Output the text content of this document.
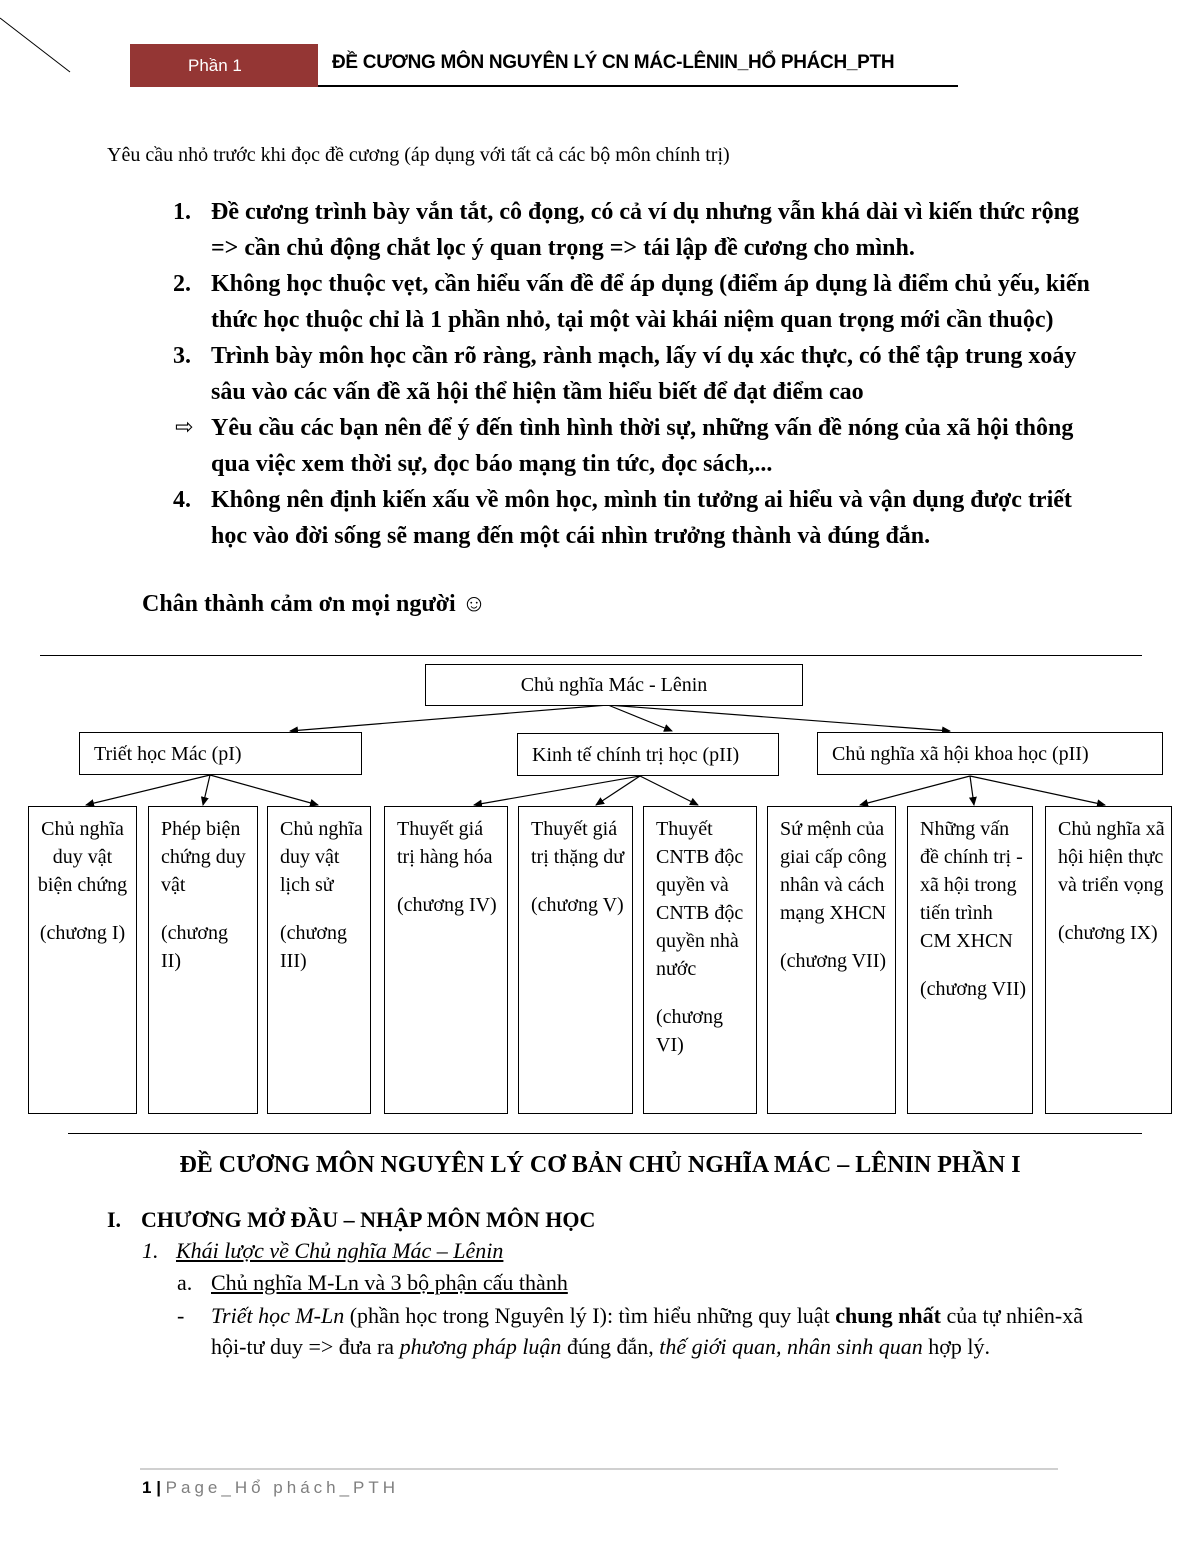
Phần 1	ĐỀ CƯƠNG MÔN NGUYÊN LÝ CN MÁC-LÊNIN_HỔ PHÁCH_PTH
Yêu cầu nhỏ trước khi đọc đề cương (áp dụng với tất cả các bộ môn chính trị)
1. Đề cương trình bày vắn tắt, cô đọng, có cả ví dụ nhưng vẫn khá dài vì kiến thức rộng => cần chủ động chắt lọc ý quan trọng => tái lập đề cương cho mình.
2. Không học thuộc vẹt, cần hiểu vấn đề để áp dụng (điểm áp dụng là điểm chủ yếu, kiến thức học thuộc chỉ là 1 phần nhỏ, tại một vài khái niệm quan trọng mới cần thuộc)
3. Trình bày môn học cần rõ ràng, rành mạch, lấy ví dụ xác thực, có thể tập trung xoáy sâu vào các vấn đề xã hội thể hiện tầm hiểu biết để đạt điểm cao
⇨ Yêu cầu các bạn nên để ý đến tình hình thời sự, những vấn đề nóng của xã hội thông qua việc xem thời sự, đọc báo mạng tin tức, đọc sách,...
4. Không nên định kiến xấu về môn học, mình tin tưởng ai hiểu và vận dụng được triết học vào đời sống sẽ mang đến một cái nhìn trưởng thành và đúng đắn.
Chân thành cảm ơn mọi người ☺
Chủ nghĩa Mác - Lênin
Triết học Mác (pI)	Kinh tế chính trị học (pII)	Chủ nghĩa xã hội khoa học (pII)
Chủ nghĩa duy vật biện chứng
(chương I)
Phép biện chứng duy vật
(chương II)
Chủ nghĩa duy vật lịch sử
(chương III)
Thuyết giá trị hàng hóa
(chương IV)
Thuyết giá trị thặng dư
(chương V)
Thuyết CNTB độc quyền và CNTB độc quyền nhà nước
(chương VI)
Sứ mệnh của giai cấp công nhân và cách mạng XHCN
(chương VII)
Những vấn đề chính trị - xã hội trong tiến trình CM XHCN
(chương VII)
Chủ nghĩa xã hội hiện thực và triển vọng
(chương IX)
ĐỀ CƯƠNG MÔN NGUYÊN LÝ CƠ BẢN CHỦ NGHĨA MÁC – LÊNIN PHẦN I
I. CHƯƠNG MỞ ĐẦU – NHẬP MÔN MÔN HỌC
1. Khái lược về Chủ nghĩa Mác – Lênin
a. Chủ nghĩa M-Ln và 3 bộ phận cấu thành
-	Triết học M-Ln (phần học trong Nguyên lý I): tìm hiểu những quy luật chung nhất của tự nhiên-xã hội-tư duy => đưa ra phương pháp luận đúng đắn, thế giới quan, nhân sinh quan hợp lý.
1 | Page_Hổ phách_PTH
